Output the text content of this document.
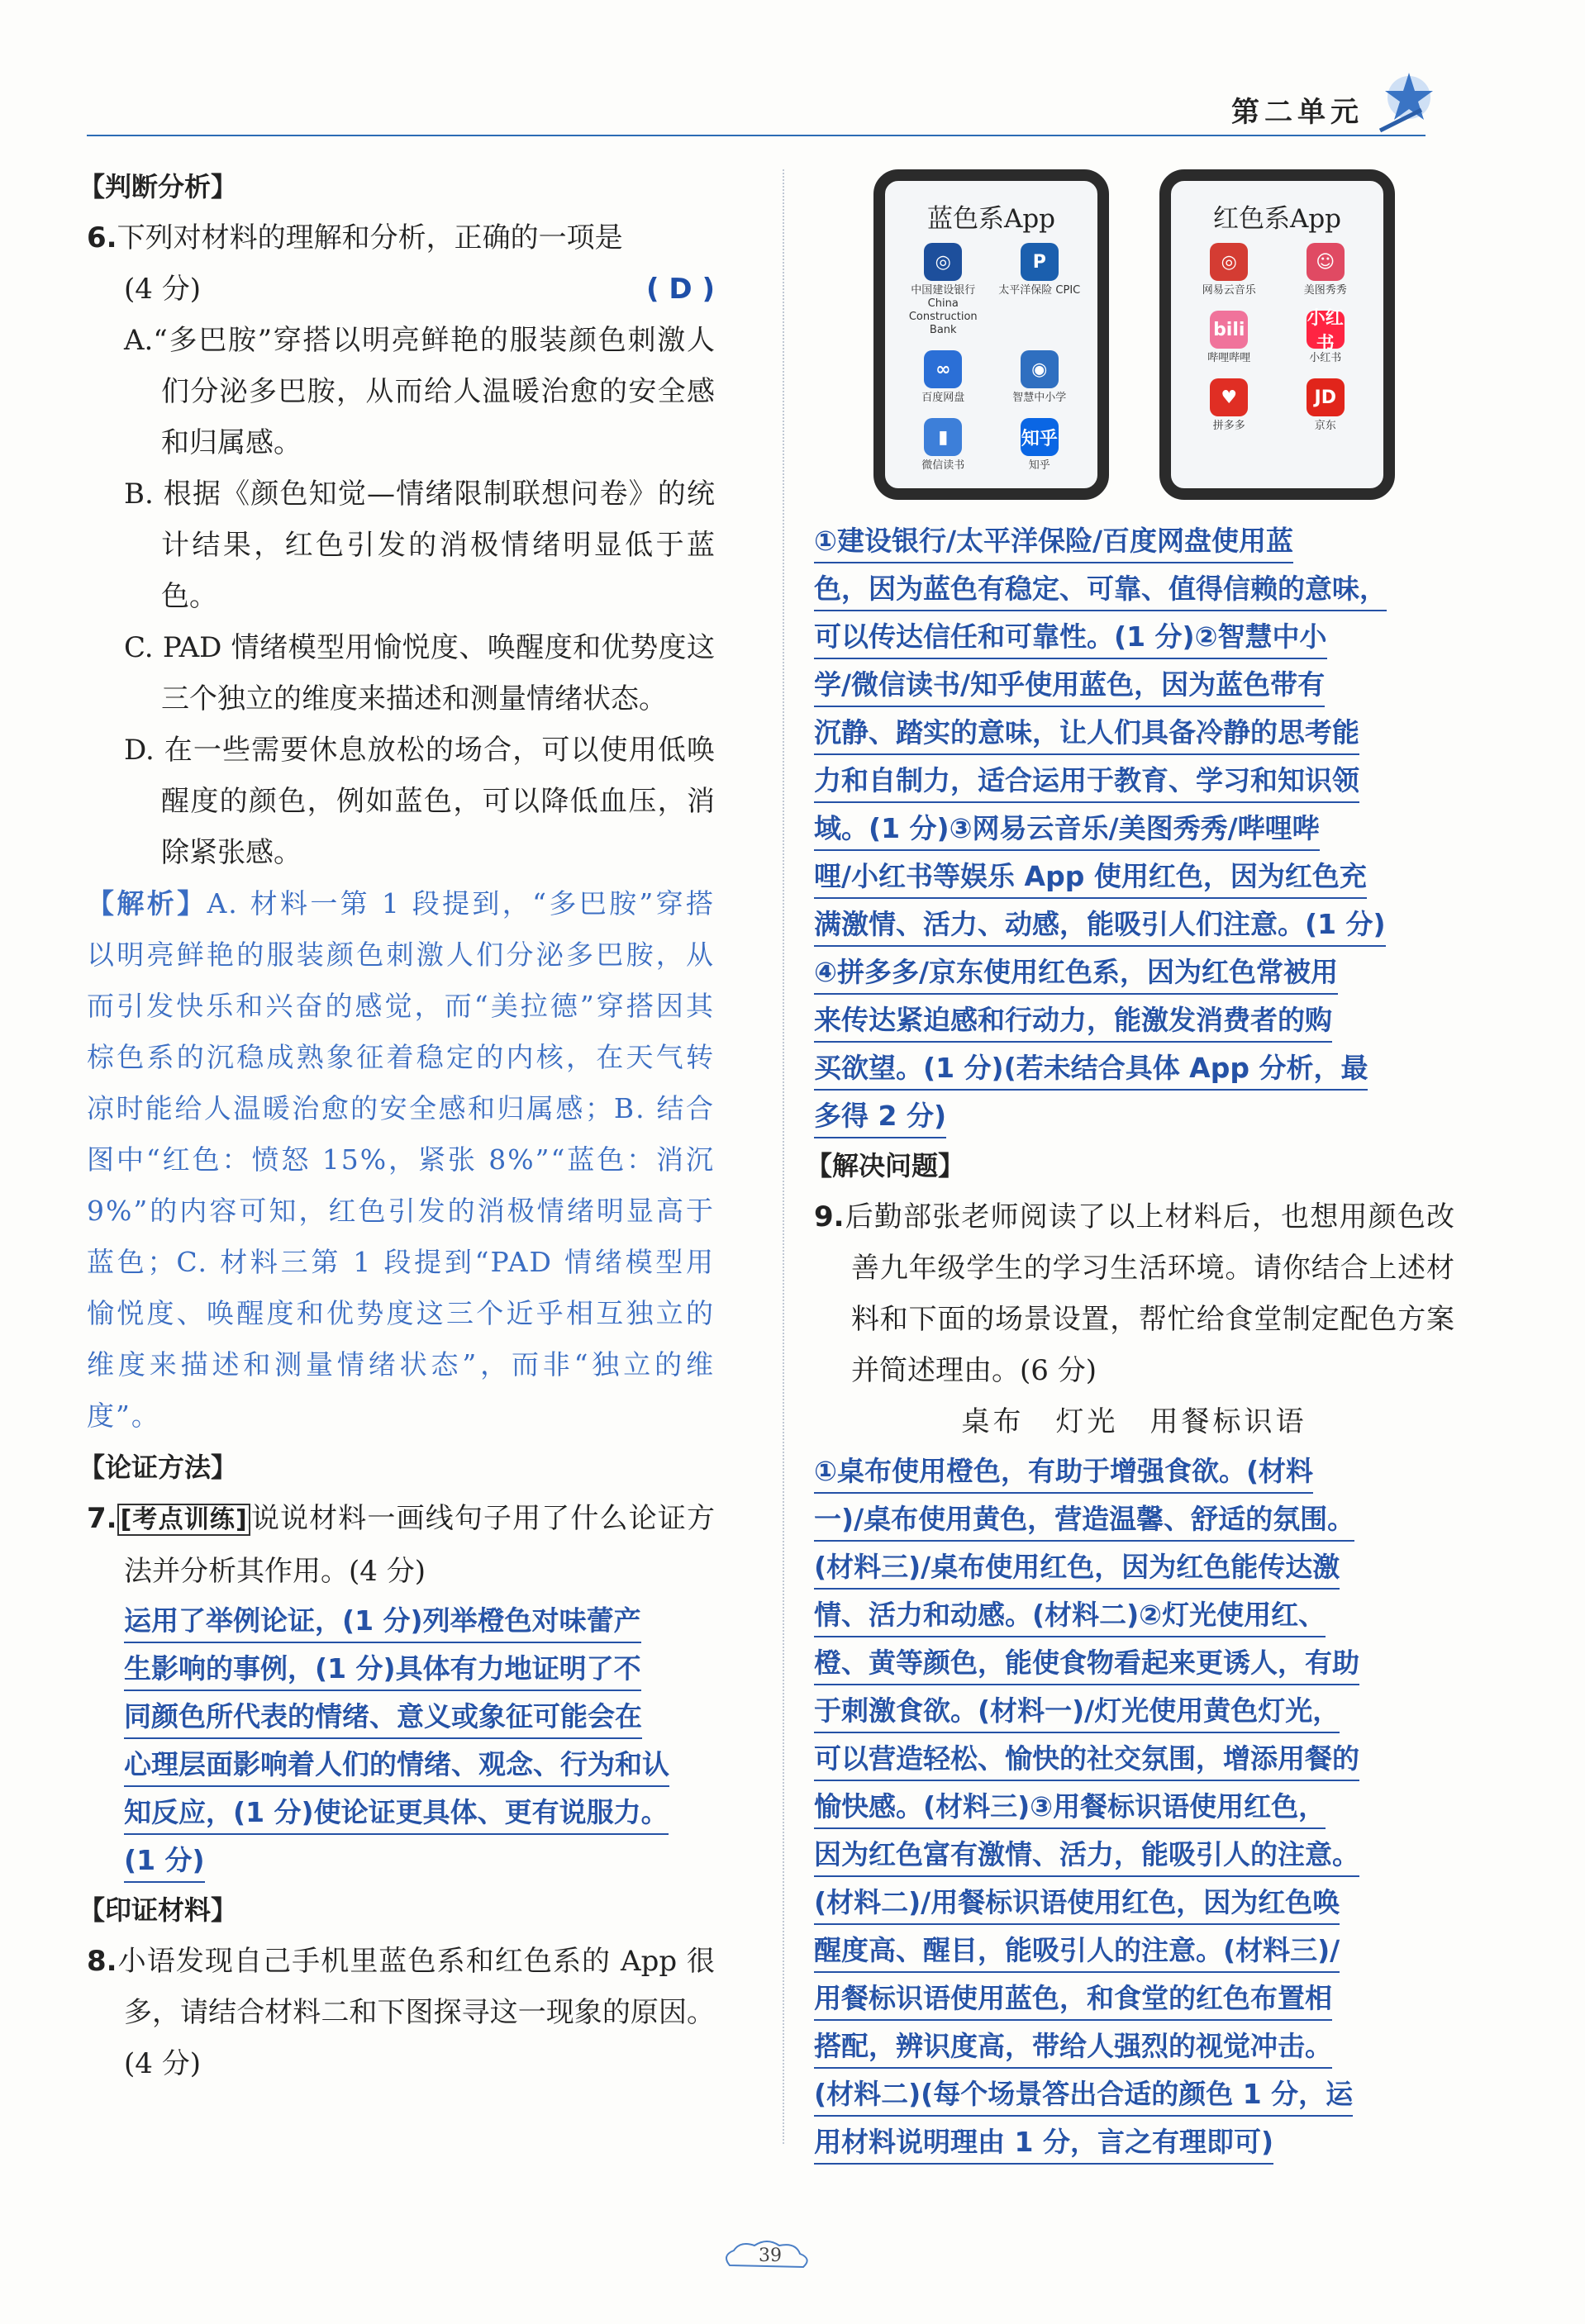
第二单元
【判断分析】
6.下列对材料的理解和分析，正确的一项是
(4 分)	( D )
A.“多巴胺”穿搭以明亮鲜艳的服装颜色刺激人们分泌多巴胺，从而给人温暖治愈的安全感和归属感。
B. 根据《颜色知觉—情绪限制联想问卷》的统计结果，红色引发的消极情绪明显低于蓝色。
C. PAD 情绪模型用愉悦度、唤醒度和优势度这三个独立的维度来描述和测量情绪状态。
D. 在一些需要休息放松的场合，可以使用低唤醒度的颜色，例如蓝色，可以降低血压，消除紧张感。
【解析】A. 材料一第 1 段提到，“多巴胺”穿搭以明亮鲜艳的服装颜色刺激人们分泌多巴胺，从而引发快乐和兴奋的感觉，而“美拉德”穿搭因其棕色系的沉稳成熟象征着稳定的内核，在天气转凉时能给人温暖治愈的安全感和归属感；B. 结合图中“红色：愤怒 15%，紧张 8%”“蓝色：消沉 9%”的内容可知，红色引发的消极情绪明显高于蓝色；C. 材料三第 1 段提到“PAD 情绪模型用愉悦度、唤醒度和优势度这三个近乎相互独立的维度来描述和测量情绪状态”，而非“独立的维度”。
【论证方法】
7. [考点训练] 说说材料一画线句子用了什么论证方法并分析其作用。(4 分)
运用了举例论证，(1 分)列举橙色对味蕾产
生影响的事例，(1 分)具体有力地证明了不
同颜色所代表的情绪、意义或象征可能会在
心理层面影响着人们的情绪、观念、行为和认
知反应，(1 分)使论证更具体、更有说服力。
(1 分)
【印证材料】
8.小语发现自己手机里蓝色系和红色系的 App 很多，请结合材料二和下图探寻这一现象的原因。(4 分)
蓝色系App
◎
中国建设银行 China Construction Bank
P
太平洋保险 CPIC
∞
百度网盘
◉
智慧中小学
▮
微信读书
知乎
知乎
红色系App
◎
网易云音乐
☺
美图秀秀
bili
哔哩哔哩
小红书
小红书
♥
拼多多
JD
京东
①建设银行/太平洋保险/百度网盘使用蓝
色，因为蓝色有稳定、可靠、值得信赖的意味，
可以传达信任和可靠性。(1 分)②智慧中小
学/微信读书/知乎使用蓝色，因为蓝色带有
沉静、踏实的意味，让人们具备冷静的思考能
力和自制力，适合运用于教育、学习和知识领
域。(1 分)③网易云音乐/美图秀秀/哔哩哔
哩/小红书等娱乐 App 使用红色，因为红色充
满激情、活力、动感，能吸引人们注意。(1 分)
④拼多多/京东使用红色系，因为红色常被用
来传达紧迫感和行动力，能激发消费者的购
买欲望。(1 分)(若未结合具体 App 分析，最
多得 2 分)
【解决问题】
9.后勤部张老师阅读了以上材料后，也想用颜色改善九年级学生的学习生活环境。请你结合上述材料和下面的场景设置，帮忙给食堂制定配色方案并简述理由。(6 分)
桌布　灯光　用餐标识语
①桌布使用橙色，有助于增强食欲。(材料
一)/桌布使用黄色，营造温馨、舒适的氛围。
(材料三)/桌布使用红色，因为红色能传达激
情、活力和动感。(材料二)②灯光使用红、
橙、黄等颜色，能使食物看起来更诱人，有助
于刺激食欲。(材料一)/灯光使用黄色灯光，
可以营造轻松、愉快的社交氛围，增添用餐的
愉快感。(材料三)③用餐标识语使用红色，
因为红色富有激情、活力，能吸引人的注意。
(材料二)/用餐标识语使用红色，因为红色唤
醒度高、醒目，能吸引人的注意。(材料三)/
用餐标识语使用蓝色，和食堂的红色布置相
搭配，辨识度高，带给人强烈的视觉冲击。
(材料二)(每个场景答出合适的颜色 1 分，运
用材料说明理由 1 分，言之有理即可)
39
